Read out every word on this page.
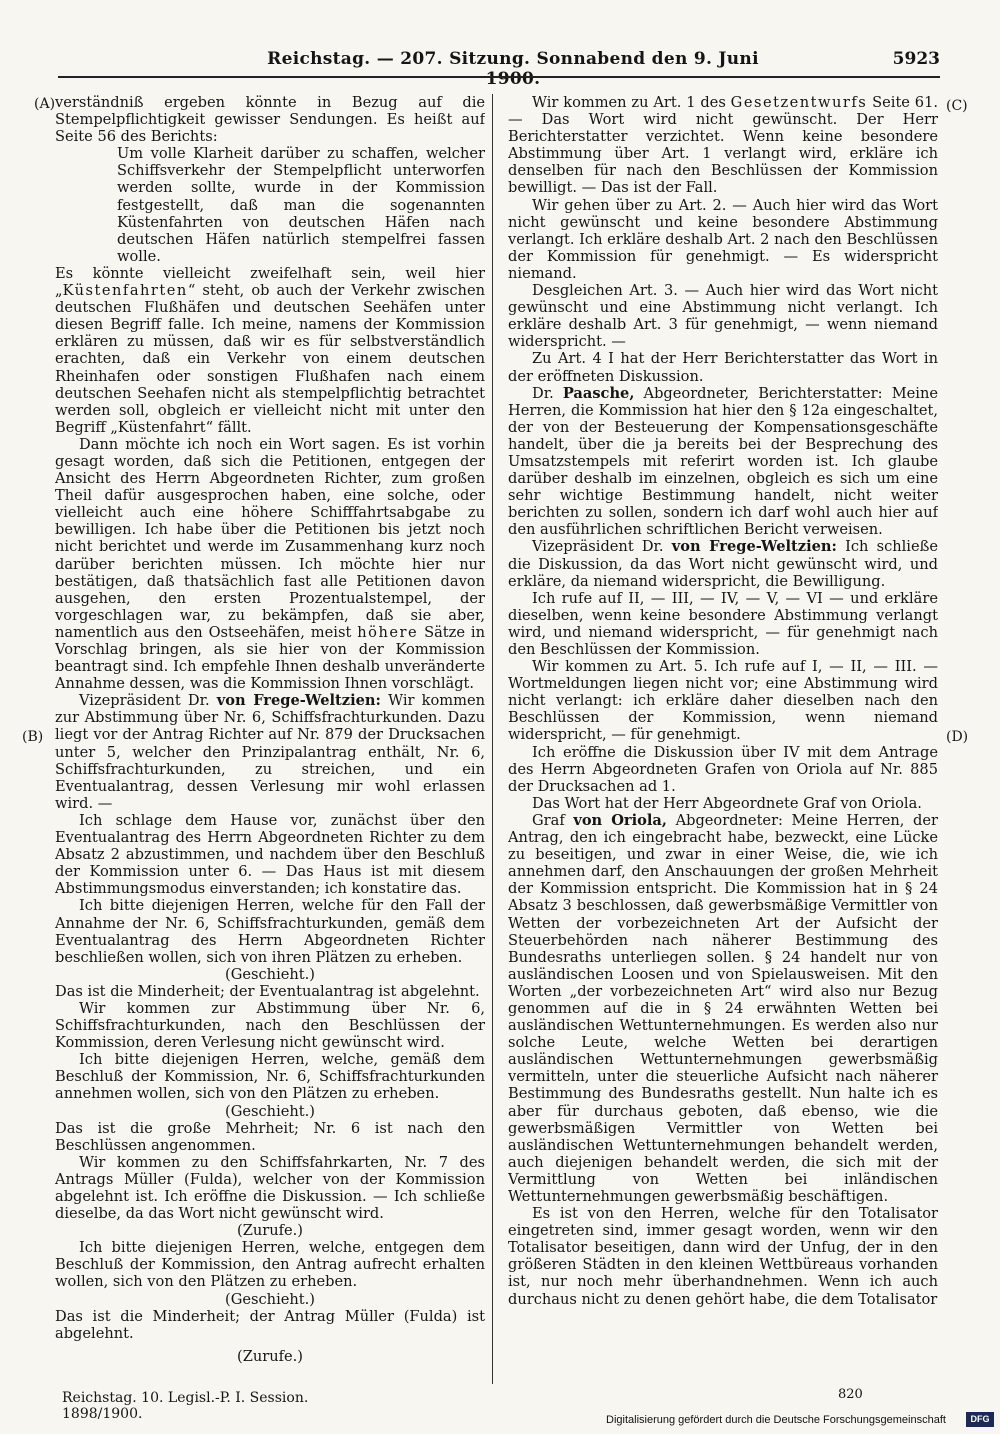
Reichstag. — 207. Sitzung. Sonnabend den 9. Juni 1900.
5923
(A)
(B)
(C)
(D)

verständniß ergeben könnte in Bezug auf die Stempelpflichtigkeit gewisser Sendungen. Es heißt auf Seite 56 des Berichts:

Um volle Klarheit darüber zu schaffen, welcher Schiffsverkehr der Stempelpflicht unterworfen werden sollte, wurde in der Kommission festgestellt, daß man die sogenannten Küstenfahrten von deutschen Häfen nach deutschen Häfen natürlich stempelfrei fassen wolle.

Es könnte vielleicht zweifelhaft sein, weil hier „Küstenfahrten“ steht, ob auch der Verkehr zwischen deutschen Flußhäfen und deutschen Seehäfen unter diesen Begriff falle. Ich meine, namens der Kommission erklären zu müssen, daß wir es für selbstverständlich erachten, daß ein Verkehr von einem deutschen Rheinhafen oder sonstigen Flußhafen nach einem deutschen Seehafen nicht als stempelpflichtig betrachtet werden soll, obgleich er vielleicht nicht mit unter den Begriff „Küstenfahrt“ fällt.

Dann möchte ich noch ein Wort sagen. Es ist vorhin gesagt worden, daß sich die Petitionen, entgegen der Ansicht des Herrn Abgeordneten Richter, zum großen Theil dafür ausgesprochen haben, eine solche, oder vielleicht auch eine höhere Schifffahrtsabgabe zu bewilligen. Ich habe über die Petitionen bis jetzt noch nicht berichtet und werde im Zusammenhang kurz noch darüber berichten müssen. Ich möchte hier nur bestätigen, daß thatsächlich fast alle Petitionen davon ausgehen, den ersten Prozentualstempel, der vorgeschlagen war, zu bekämpfen, daß sie aber, namentlich aus den Ostseehäfen, meist höhere Sätze in Vorschlag bringen, als sie hier von der Kommission beantragt sind. Ich empfehle Ihnen deshalb unveränderte Annahme dessen, was die Kommission Ihnen vorschlägt.

Vizepräsident Dr. von Frege-Weltzien: Wir kommen zur Abstimmung über Nr. 6, Schiffsfrachturkunden. Dazu liegt vor der Antrag Richter auf Nr. 879 der Drucksachen unter 5, welcher den Prinzipalantrag enthält, Nr. 6, Schiffsfrachturkunden, zu streichen, und ein Eventualantrag, dessen Verlesung mir wohl erlassen wird. —

Ich schlage dem Hause vor, zunächst über den Eventualantrag des Herrn Abgeordneten Richter zu dem Absatz 2 abzustimmen, und nachdem über den Beschluß der Kommission unter 6. — Das Haus ist mit diesem Abstimmungsmodus einverstanden; ich konstatire das.

Ich bitte diejenigen Herren, welche für den Fall der Annahme der Nr. 6, Schiffsfrachturkunden, gemäß dem Eventualantrag des Herrn Abgeordneten Richter beschließen wollen, sich von ihren Plätzen zu erheben.

(Geschieht.)

Das ist die Minderheit; der Eventualantrag ist abgelehnt.

Wir kommen zur Abstimmung über Nr. 6, Schiffsfrachturkunden, nach den Beschlüssen der Kommission, deren Verlesung nicht gewünscht wird.

Ich bitte diejenigen Herren, welche, gemäß dem Beschluß der Kommission, Nr. 6, Schiffsfrachturkunden annehmen wollen, sich von den Plätzen zu erheben.

(Geschieht.)

Das ist die große Mehrheit; Nr. 6 ist nach den Beschlüssen angenommen.

Wir kommen zu den Schiffsfahrkarten, Nr. 7 des Antrags Müller (Fulda), welcher von der Kommission abgelehnt ist. Ich eröffne die Diskussion. — Ich schließe dieselbe, da das Wort nicht gewünscht wird.

(Zurufe.)

Ich bitte diejenigen Herren, welche, entgegen dem Beschluß der Kommission, den Antrag aufrecht erhalten wollen, sich von den Plätzen zu erheben.

(Geschieht.)

Das ist die Minderheit; der Antrag Müller (Fulda) ist abgelehnt.

(Zurufe.)

Wir kommen zu Art. 1 des Gesetzentwurfs Seite 61. — Das Wort wird nicht gewünscht. Der Herr Berichterstatter verzichtet. Wenn keine besondere Abstimmung über Art. 1 verlangt wird, erkläre ich denselben für nach den Beschlüssen der Kommission bewilligt. — Das ist der Fall.

Wir gehen über zu Art. 2. — Auch hier wird das Wort nicht gewünscht und keine besondere Abstimmung verlangt. Ich erkläre deshalb Art. 2 nach den Beschlüssen der Kommission für genehmigt. — Es widerspricht niemand.

Desgleichen Art. 3. — Auch hier wird das Wort nicht gewünscht und eine Abstimmung nicht verlangt. Ich erkläre deshalb Art. 3 für genehmigt, — wenn niemand widerspricht. —

Zu Art. 4 I hat der Herr Berichterstatter das Wort in der eröffneten Diskussion.

Dr. Paasche, Abgeordneter, Berichterstatter: Meine Herren, die Kommission hat hier den § 12a eingeschaltet, der von der Besteuerung der Kompensationsgeschäfte handelt, über die ja bereits bei der Besprechung des Umsatzstempels mit referirt worden ist. Ich glaube darüber deshalb im einzelnen, obgleich es sich um eine sehr wichtige Bestimmung handelt, nicht weiter berichten zu sollen, sondern ich darf wohl auch hier auf den ausführlichen schriftlichen Bericht verweisen.

Vizepräsident Dr. von Frege-Weltzien: Ich schließe die Diskussion, da das Wort nicht gewünscht wird, und erkläre, da niemand widerspricht, die Bewilligung.

Ich rufe auf II, — III, — IV, — V, — VI — und erkläre dieselben, wenn keine besondere Abstimmung verlangt wird, und niemand widerspricht, — für genehmigt nach den Beschlüssen der Kommission.

Wir kommen zu Art. 5. Ich rufe auf I, — II, — III. — Wortmeldungen liegen nicht vor; eine Abstimmung wird nicht verlangt: ich erkläre daher dieselben nach den Beschlüssen der Kommission, wenn niemand widerspricht, — für genehmigt.

Ich eröffne die Diskussion über IV mit dem Antrage des Herrn Abgeordneten Grafen von Oriola auf Nr. 885 der Drucksachen ad 1.

Das Wort hat der Herr Abgeordnete Graf von Oriola.

Graf von Oriola, Abgeordneter: Meine Herren, der Antrag, den ich eingebracht habe, bezweckt, eine Lücke zu beseitigen, und zwar in einer Weise, die, wie ich annehmen darf, den Anschauungen der großen Mehrheit der Kommission entspricht. Die Kommission hat in § 24 Absatz 3 beschlossen, daß gewerbsmäßige Vermittler von Wetten der vorbezeichneten Art der Aufsicht der Steuerbehörden nach näherer Bestimmung des Bundesraths unterliegen sollen. § 24 handelt nur von ausländischen Loosen und von Spielausweisen. Mit den Worten „der vorbezeichneten Art“ wird also nur Bezug genommen auf die in § 24 erwähnten Wetten bei ausländischen Wettunternehmungen. Es werden also nur solche Leute, welche Wetten bei derartigen ausländischen Wettunternehmungen gewerbsmäßig vermitteln, unter die steuerliche Aufsicht nach näherer Bestimmung des Bundesraths gestellt. Nun halte ich es aber für durchaus geboten, daß ebenso, wie die gewerbsmäßigen Vermittler von Wetten bei ausländischen Wettunternehmungen behandelt werden, auch diejenigen behandelt werden, die sich mit der Vermittlung von Wetten bei inländischen Wettunternehmungen gewerbsmäßig beschäftigen.

Es ist von den Herren, welche für den Totalisator eingetreten sind, immer gesagt worden, wenn wir den Totalisator beseitigen, dann wird der Unfug, der in den größeren Städten in den kleinen Wettbüreaus vorhanden ist, nur noch mehr überhandnehmen. Wenn ich auch durchaus nicht zu denen gehört habe, die dem Totalisator

Reichstag. 10. Legisl.-P. I. Session. 1898/1900.
820
Digitalisierung gefördert durch die Deutsche Forschungsgemeinschaft	DFG
